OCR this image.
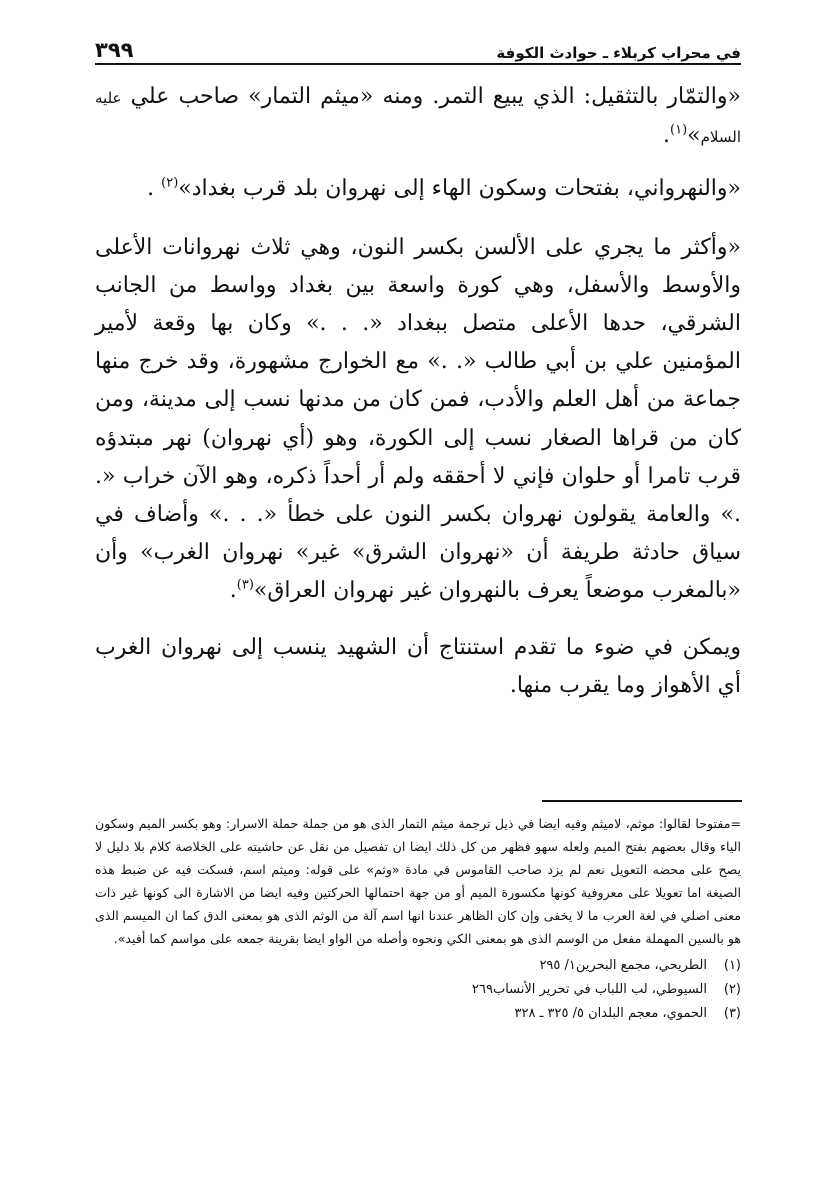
في محراب كربلاء ـ حوادث الكوفة
٣٩٩

«والتمّار بالتثقيل: الذي يبيع التمر. ومنه «ميثم التمار» صاحب علي عليه السلام»$^{(١)}$.

«والنهرواني، بفتحات وسكون الهاء إلى نهروان بلد قرب بغداد»$^{(٢)}$ .

«وأكثر ما يجري على الألسن بكسر النون، وهي ثلاث نهروانات الأعلى والأوسط والأسفل، وهي كورة واسعة بين بغداد وواسط من الجانب الشرقي، حدها الأعلى متصل ببغداد «. . .» وكان بها وقعة لأمير المؤمنين علي بن أبي طالب «. .» مع الخوارج مشهورة، وقد خرج منها جماعة من أهل العلم والأدب، فمن كان من مدنها نسب إلى مدينة، ومن كان من قراها الصغار نسب إلى الكورة، وهو (أي نهروان) نهر مبتدؤه قرب تامرا أو حلوان فإني لا أحققه ولم أر أحداً ذكره، وهو الآن خراب «. .» والعامة يقولون نهروان بكسر النون على خطأ «. . .» وأضاف في سياق حادثة طريفة أن «نهروان الشرق» غير» نهروان الغرب» وأن «بالمغرب موضعاً يعرف بالنهروان غير نهروان العراق»$^{(٣)}$.

ويمكن في ضوء ما تقدم استنتاج أن الشهيد ينسب إلى نهروان الغرب أي الأهواز وما يقرب منها.

=مفتوحا لقالوا: موثم، لاميثم وفيه ايضا في ذيل ترجمة ميثم التمار الذى هو من جملة حملة الاسرار: وهو بكسر الميم وسكون الياء وقال بعضهم بفتح الميم ولعله سهو فظهر من كل ذلك ايضا ان تفصيل من نقل عن حاشيته على الخلاصة كلام بلا دليل لا يصح على محضه التعويل نعم لم يزد صاحب القاموس في مادة «وثم» على قوله: وميثم اسم، فسكت فيه عن ضبط هذه الصيغة اما تعويلا على معروفية كونها مكسورة الميم أو من جهة احتمالها الحركتين وفيه ايضا من الاشارة الى كونها غير ذات معنى اصلي في لغة العرب ما لا يخفى وإن كان الظاهر عندنا انها اسم آلة من الوثم الذى هو بمعنى الدق كما ان الميسم الذى هو بالسين المهملة مفعل من الوسم الذى هو بمعنى الكي ونحوه وأصله من الواو ايضا بقرينة جمعه على مواسم كما أفيد».

(١)
الطريحي، مجمع البحرين١/ ٢٩٥
(٢)
السيوطي، لب اللباب في تحرير الأنساب٢٦٩
(٣)
الحموي، معجم البلدان ٥/ ٣٢٥ ـ ٣٢٨
